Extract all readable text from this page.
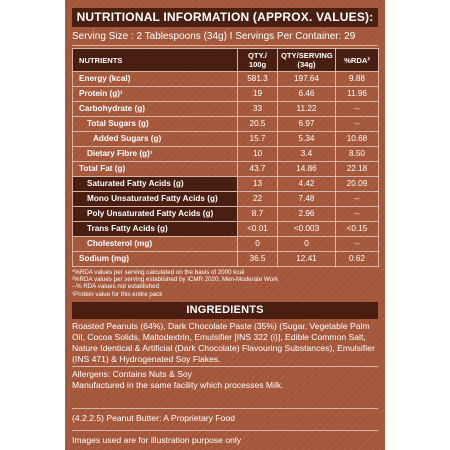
NUTRITIONAL INFORMATION (APPROX. VALUES):
Serving Size : 2 Tablespoons (34g) I Servings Per Container: 29
NUTRIENTS	QTY./ 100g	QTY/SERVING (34g)	%RDA²
Energy (kcal)	581.3	197.64	9.88
Protein (g)¹	19	6.46	11.96
Carbohydrate (g)	33	11.22	--
Total Sugars (g)	20.5	6.97	--
Added Sugars (g)	15.7	5.34	10.68
Dietary Fibre (g)¹	10	3.4	8.50
Total Fat (g)	43.7	14.86	22.18
Saturated Fatty Acids (g)	13	4.42	20.09
Mono Unsaturated Fatty Acids (g)	22	7.48	--
Poly Unsaturated Fatty Acids (g)	8.7	2.96	--
Trans Fatty Acids (g)	<0.01	<0.003	<0.15
Cholesterol (mg)	0	0	--
Sodium (mg)	36.5	12.41	0.62
*%RDA values per serving calculated on the basis of 2000 kcal
²%RDA values per serving established by ICMR 2020, Men-Moderate Work
--% RDA values not established
¹Protein value for this entire pack
INGREDIENTS
Roasted Peanuts (64%), Dark Chocolate Paste (35%) (Sugar, Vegetable Palm Oil, Cocoa Solids, Maltodextrin, Emulsifier [INS 322 (i)], Edible Common Salt, Nature Identical & Artificial (Dark Chocolate) Flavouring Substances), Emulsifier (INS 471) & Hydrogenated Soy Flakes.
Allergens: Contains Nuts & Soy
Manufactured in the same facility which processes Milk.
(4.2.2.5) Peanut Butter: A Proprietary Food
Images used are for illustration purpose only
